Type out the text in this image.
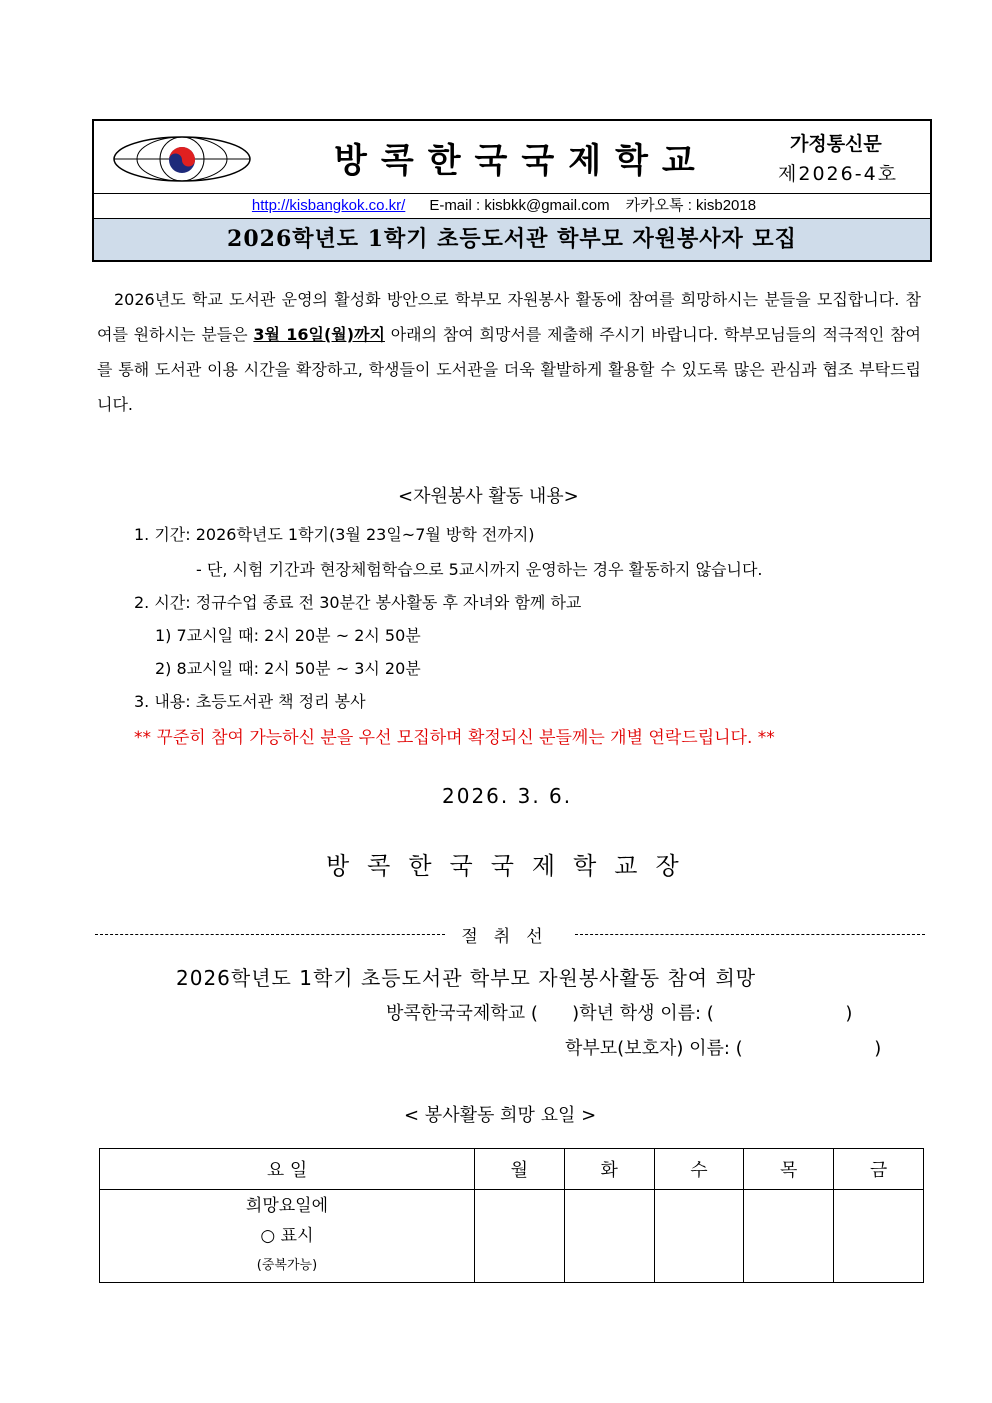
방콕한국국제학교	가정통신문
제2026-4호
http://kisbangkok.co.kr/ E-mail : kisbkk@gmail.com 카카오톡 : kisb2018
2026학년도 1학기 초등도서관 학부모 자원봉사자 모집
2026년도 학교 도서관 운영의 활성화 방안으로 학부모 자원봉사 활동에 참여를 희망하시는 분들을 모집합니다. 참여를 원하시는 분들은 3월 16일(월)까지 아래의 참여 희망서를 제출해 주시기 바랍니다. 학부모님들의 적극적인 참여를 통해 도서관 이용 시간을 확장하고, 학생들이 도서관을 더욱 활발하게 활용할 수 있도록 많은 관심과 협조 부탁드립니다.
<자원봉사 활동 내용>
1. 기간: 2026학년도 1학기(3월 23일~7월 방학 전까지)
- 단, 시험 기간과 현장체험학습으로 5교시까지 운영하는 경우 활동하지 않습니다.
2. 시간: 정규수업 종료 전 30분간 봉사활동 후 자녀와 함께 하교
1) 7교시일 때: 2시 20분 ~ 2시 50분
2) 8교시일 때: 2시 50분 ~ 3시 20분
3. 내용: 초등도서관 책 정리 봉사
** 꾸준히 참여 가능하신 분을 우선 모집하며 확정되신 분들께는 개별 연락드립니다. **
2026. 3. 6.
방콕한국국제학교장
절취선
2026학년도 1학기 초등도서관 학부모 자원봉사활동 참여 희망
방콕한국국제학교 (      )학년 학생 이름: (                       )
학부모(보호자) 이름: (                       )
< 봉사활동 희망 요일 >
요 일	월	화	수	목	금

희망요일에
○ 표시
(중복가능)					
